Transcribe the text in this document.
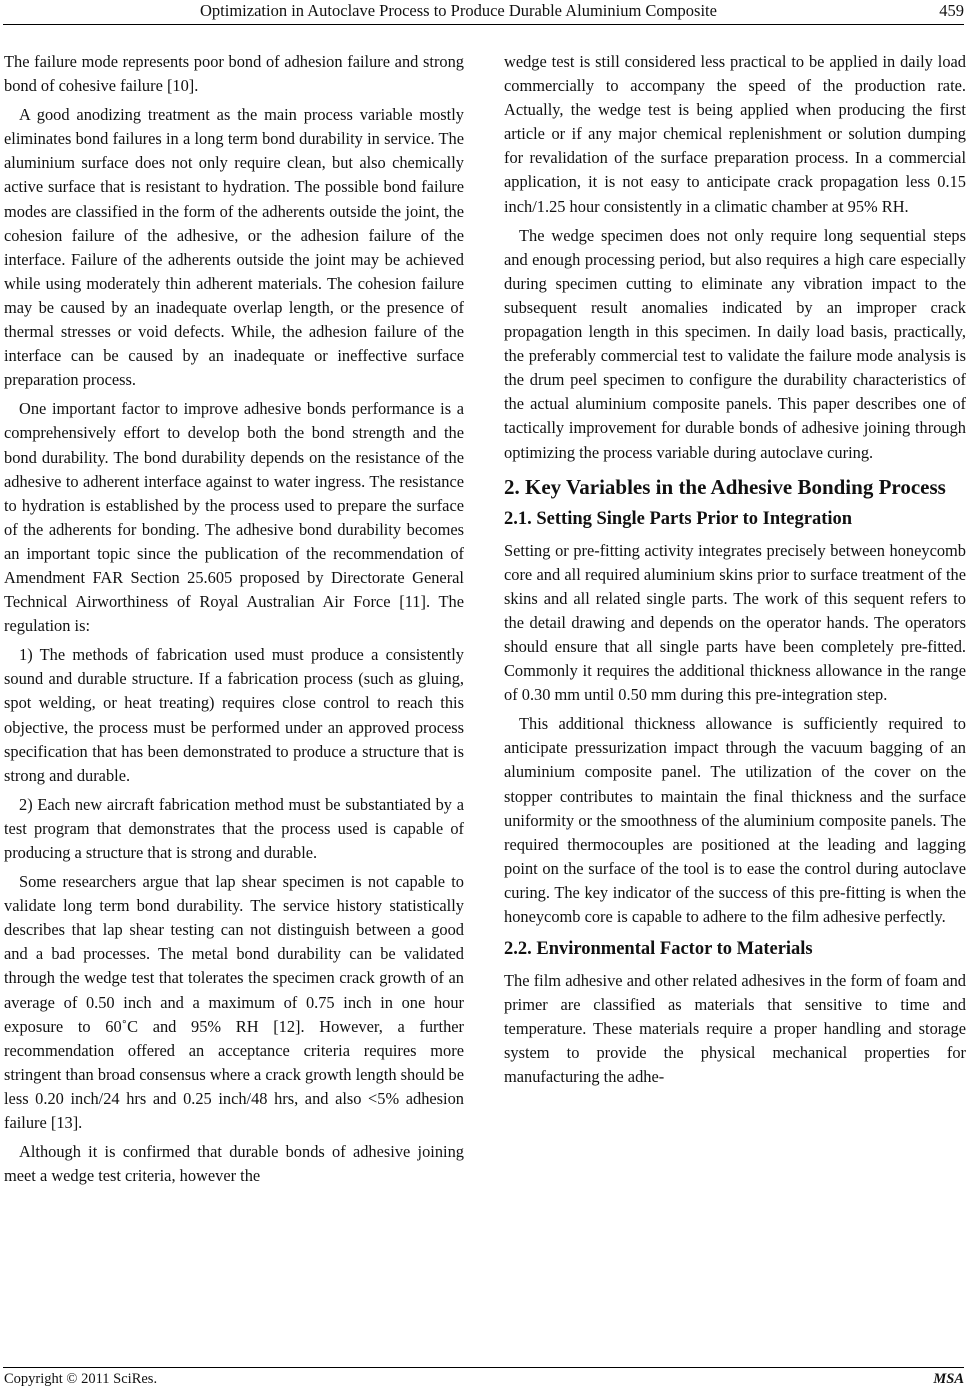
Optimization in Autoclave Process to Produce Durable Aluminium Composite	459

The failure mode represents poor bond of adhesion failure and strong bond of cohesive failure [10].

A good anodizing treatment as the main process variable mostly eliminates bond failures in a long term bond durability in service. The aluminium surface does not only require clean, but also chemically active surface that is resistant to hydration. The possible bond failure modes are classified in the form of the adherents outside the joint, the cohesion failure of the adhesive, or the adhesion failure of the interface. Failure of the adherents outside the joint may be achieved while using moderately thin adherent materials. The cohesion failure may be caused by an inadequate overlap length, or the presence of thermal stresses or void defects. While, the adhesion failure of the interface can be caused by an inadequate or ineffective surface preparation process.

One important factor to improve adhesive bonds performance is a comprehensively effort to develop both the bond strength and the bond durability. The bond durability depends on the resistance of the adhesive to adherent interface against to water ingress. The resistance to hydration is established by the process used to prepare the surface of the adherents for bonding. The adhesive bond durability becomes an important topic since the publication of the recommendation of Amendment FAR Section 25.605 proposed by Directorate General Technical Airworthiness of Royal Australian Air Force [11]. The regulation is:

1) The methods of fabrication used must produce a consistently sound and durable structure. If a fabrication process (such as gluing, spot welding, or heat treating) requires close control to reach this objective, the process must be performed under an approved process specification that has been demonstrated to produce a structure that is strong and durable.

2) Each new aircraft fabrication method must be substantiated by a test program that demonstrates that the process used is capable of producing a structure that is strong and durable.

Some researchers argue that lap shear specimen is not capable to validate long term bond durability. The service history statistically describes that lap shear testing can not distinguish between a good and a bad processes. The metal bond durability can be validated through the wedge test that tolerates the specimen crack growth of an average of 0.50 inch and a maximum of 0.75 inch in one hour exposure to 60˚C and 95% RH [12]. However, a further recommendation offered an acceptance criteria requires more stringent than broad consensus where a crack growth length should be less 0.20 inch/24 hrs and 0.25 inch/48 hrs, and also <5% adhesion failure [13].

Although it is confirmed that durable bonds of adhesive joining meet a wedge test criteria, however the

wedge test is still considered less practical to be applied in daily load commercially to accompany the speed of the production rate. Actually, the wedge test is being applied when producing the first article or if any major chemical replenishment or solution dumping for revalidation of the surface preparation process. In a commercial application, it is not easy to anticipate crack propagation less 0.15 inch/1.25 hour consistently in a climatic chamber at 95% RH.

The wedge specimen does not only require long sequential steps and enough processing period, but also requires a high care especially during specimen cutting to eliminate any vibration impact to the subsequent result anomalies indicated by an improper crack propagation length in this specimen. In daily load basis, practically, the preferably commercial test to validate the failure mode analysis is the drum peel specimen to configure the durability characteristics of the actual aluminium composite panels. This paper describes one of tactically improvement for durable bonds of adhesive joining through optimizing the process variable during autoclave curing.

2. Key Variables in the Adhesive Bonding Process
2.1. Setting Single Parts Prior to Integration

Setting or pre-fitting activity integrates precisely between honeycomb core and all required aluminium skins prior to surface treatment of the skins and all related single parts. The work of this sequent refers to the detail drawing and depends on the operator hands. The operators should ensure that all single parts have been completely pre-fitted. Commonly it requires the additional thickness allowance in the range of 0.30 mm until 0.50 mm during this pre-integration step.

This additional thickness allowance is sufficiently required to anticipate pressurization impact through the vacuum bagging of an aluminium composite panel. The utilization of the cover on the stopper contributes to maintain the final thickness and the surface uniformity or the smoothness of the aluminium composite panels. The required thermocouples are positioned at the leading and lagging point on the surface of the tool is to ease the control during autoclave curing. The key indicator of the success of this pre-fitting is when the honeycomb core is capable to adhere to the film adhesive perfectly.

2.2. Environmental Factor to Materials

The film adhesive and other related adhesives in the form of foam and primer are classified as materials that sensitive to time and temperature. These materials require a proper handling and storage system to provide the physical mechanical properties for manufacturing the adhe-

Copyright © 2011 SciRes.	MSA
